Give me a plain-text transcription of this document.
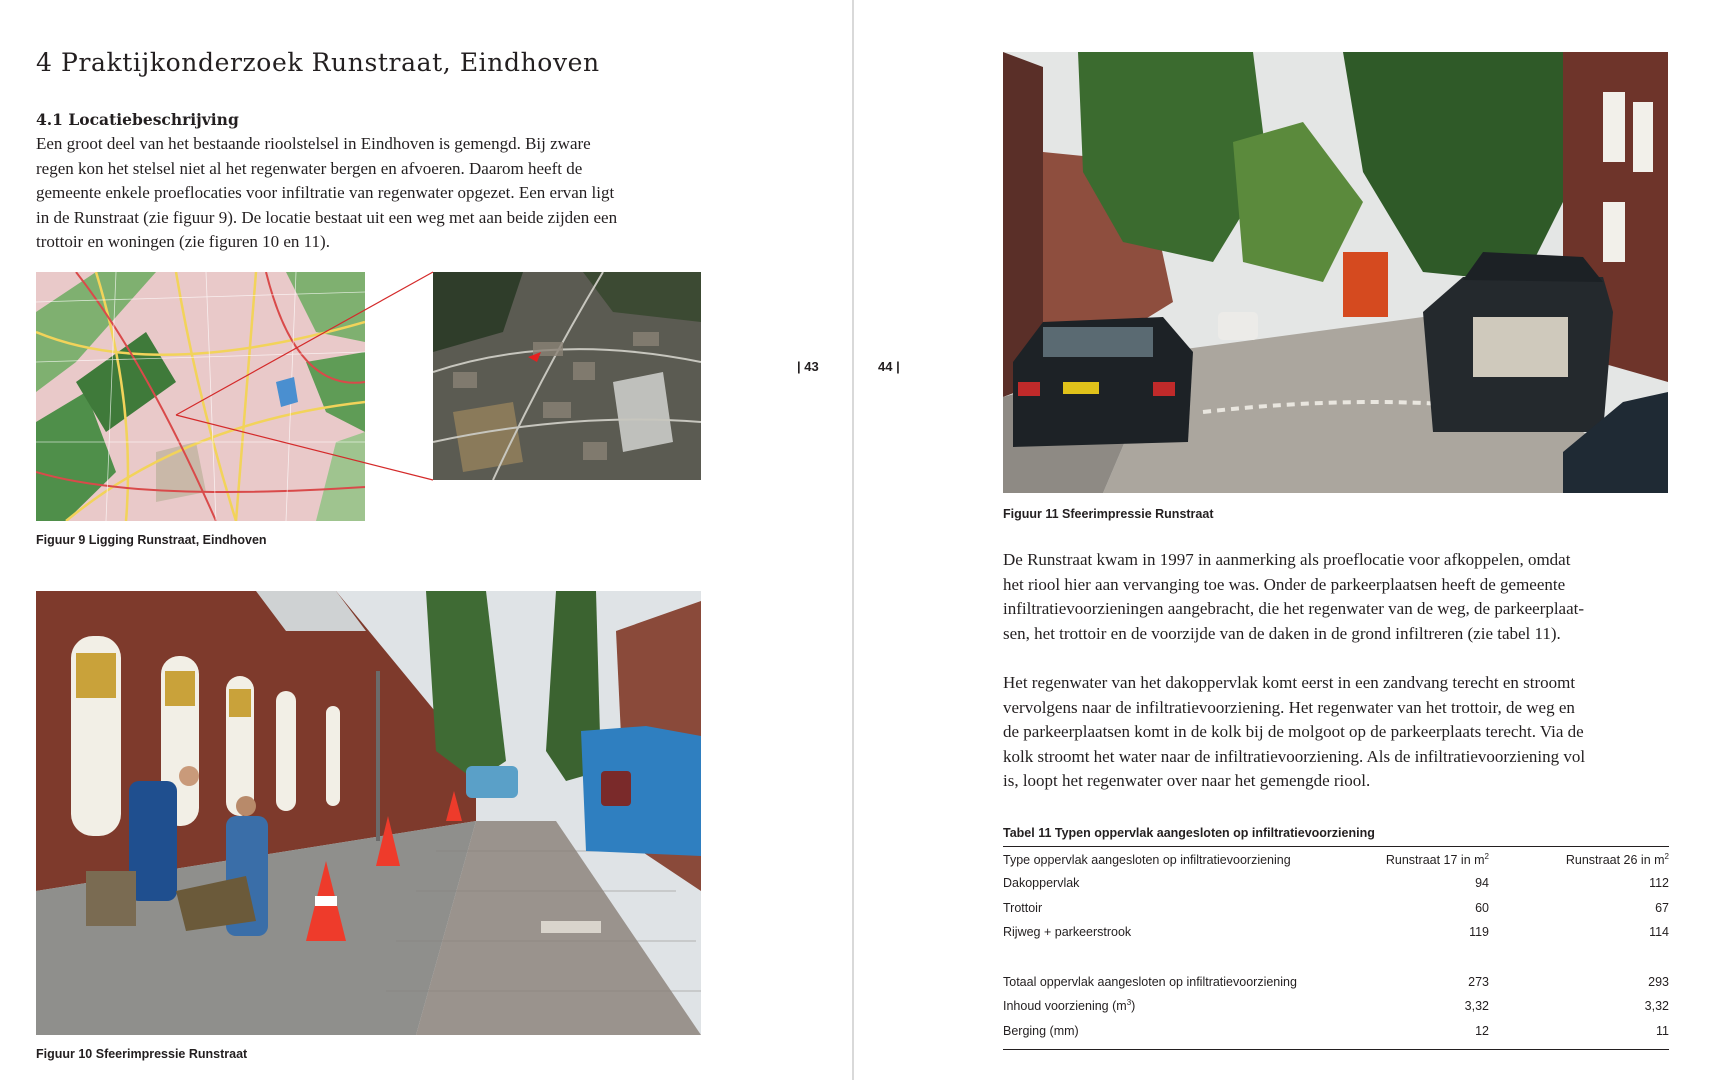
4 Praktijkonderzoek Runstraat, Eindhoven
4.1 Locatiebeschrijving

Een groot deel van het bestaande rioolstelsel in Eindhoven is gemengd. Bij zware
regen kon het stelsel niet al het regenwater bergen en afvoeren. Daarom heeft de
gemeente enkele proeflocaties voor infiltratie van regenwater opgezet. Een ervan ligt
in de Runstraat (zie figuur 9). De locatie bestaat uit een weg met aan beide zijden een
trottoir en woningen (zie figuren 10 en 11).

Figuur 9 Ligging Runstraat, Eindhoven

Figuur 10 Sfeerimpressie Runstraat

| 43	44 |

Figuur 11 Sfeerimpressie Runstraat

De Runstraat kwam in 1997 in aanmerking als proeflocatie voor afkoppelen, omdat
het riool hier aan vervanging toe was. Onder de parkeerplaatsen heeft de gemeente
infiltratievoorzieningen aangebracht, die het regenwater van de weg, de parkeerplaat-
sen, het trottoir en de voorzijde van de daken in de grond infiltreren (zie tabel 11).

Het regenwater van het dakoppervlak komt eerst in een zandvang terecht en stroomt
vervolgens naar de infiltratievoorziening. Het regenwater van het trottoir, de weg en
de parkeerplaatsen komt in de kolk bij de molgoot op de parkeerplaats terecht. Via de
kolk stroomt het water naar de infiltratievoorziening. Als de infiltratievoorziening vol
is, loopt het regenwater over naar het gemengde riool.

Tabel 11 Typen oppervlak aangesloten op infiltratievoorziening

Type oppervlak aangesloten op infiltratievoorziening	Runstraat 17 in $m^2$	Runstraat 26 in $m^2$
Dakoppervlak	94	112
Trottoir	60	67
Rijweg + parkeerstrook	119	114

Totaal oppervlak aangesloten op infiltratievoorziening	273	293
Inhoud voorziening $(m^3)$	3,32	3,32
Berging (mm)	12	11
